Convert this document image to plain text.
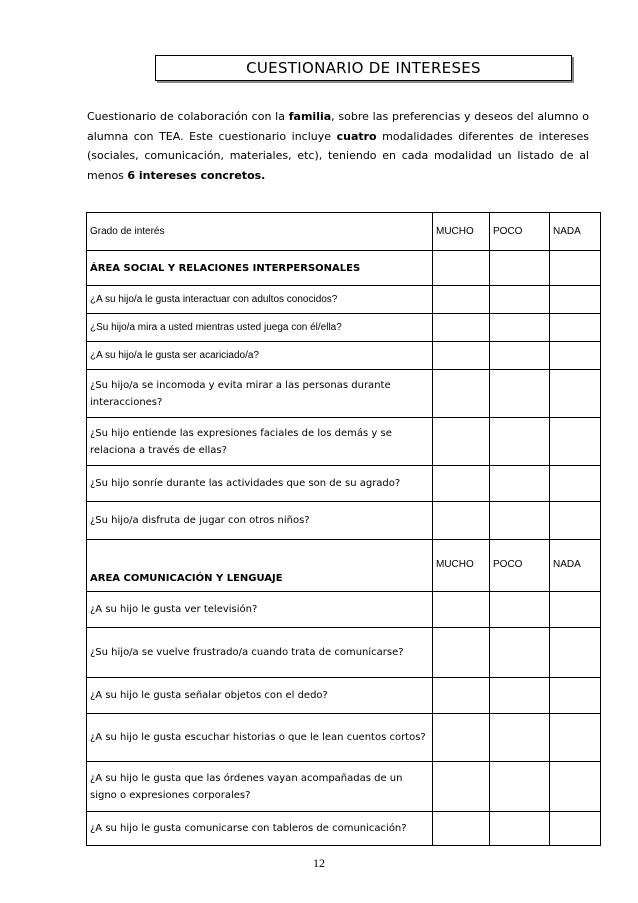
CUESTIONARIO DE INTERESES
Cuestionario de colaboración con la familia, sobre las preferencias y deseos del alumno o alumna con TEA. Este cuestionario incluye cuatro modalidades diferentes de intereses (sociales, comunicación, materiales, etc), teniendo en cada modalidad un listado de al menos 6 intereses concretos.
Grado de interés	MUCHO	POCO	NADA
ÁREA SOCIAL Y RELACIONES INTERPERSONALES			
¿A su hijo/a le gusta interactuar con adultos conocidos?			
¿Su hijo/a mira a usted mientras usted juega con él/ella?			
¿A su hijo/a le gusta ser acariciado/a?			
¿Su hijo/a se incomoda y evita mirar a las personas durante interacciones?			
¿Su hijo entiende las expresiones faciales de los demás y se relaciona a través de ellas?			
¿Su hijo sonríe durante las actividades que son de su agrado?			
¿Su hijo/a disfruta de jugar con otros niños?			
AREA COMUNICACIÓN Y LENGUAJE	MUCHO	POCO	NADA
¿A su hijo le gusta ver televisión?			
¿Su hijo/a se vuelve frustrado/a cuando trata de comunicarse?			
¿A su hijo le gusta señalar objetos con el dedo?			
¿A su hijo le gusta escuchar historias o que le lean cuentos cortos?			
¿A su hijo le gusta que las órdenes vayan acompañadas de un signo o expresiones corporales?			
¿A su hijo le gusta comunicarse con tableros de comunicación?			
12
